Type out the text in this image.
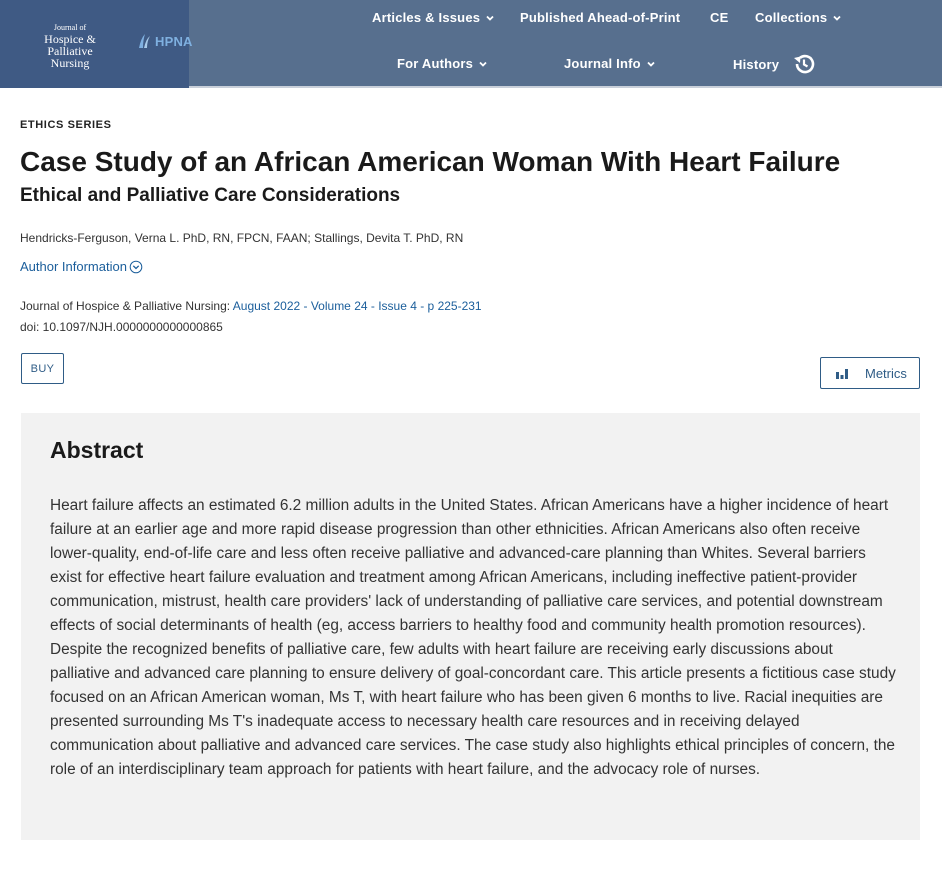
Journal of
Hospice & Palliative
Nursing
HPNA
Articles & Issues	Published Ahead-of-Print CE Collections
For Authors	Journal Info	History
ETHICS SERIES
Case Study of an African American Woman With Heart Failure
Ethical and Palliative Care Considerations
Hendricks-Ferguson, Verna L. PhD, RN, FPCN, FAAN; Stallings, Devita T. PhD, RN
Author Information
Journal of Hospice & Palliative Nursing: August 2022 - Volume 24 - Issue 4 - p 225-231
doi: 10.1097/NJH.0000000000000865
BUY	Metrics
Abstract

Heart failure affects an estimated 6.2 million adults in the United States. African Americans have a higher incidence of heart failure at an earlier age and more rapid disease progression than other ethnicities. African Americans also often receive lower-quality, end-of-life care and less often receive palliative and advanced-care planning than Whites. Several barriers exist for effective heart failure evaluation and treatment among African Americans, including ineffective patient-provider communication, mistrust, health care providers' lack of understanding of palliative care services, and potential downstream effects of social determinants of health (eg, access barriers to healthy food and community health promotion resources). Despite the recognized benefits of palliative care, few adults with heart failure are receiving early discussions about palliative and advanced care planning to ensure delivery of goal-concordant care. This article presents a fictitious case study focused on an African American woman, Ms T, with heart failure who has been given 6 months to live. Racial inequities are presented surrounding Ms T's inadequate access to necessary health care resources and in receiving delayed communication about palliative and advanced care services. The case study also highlights ethical principles of concern, the role of an interdisciplinary team approach for patients with heart failure, and the advocacy role of nurses.
